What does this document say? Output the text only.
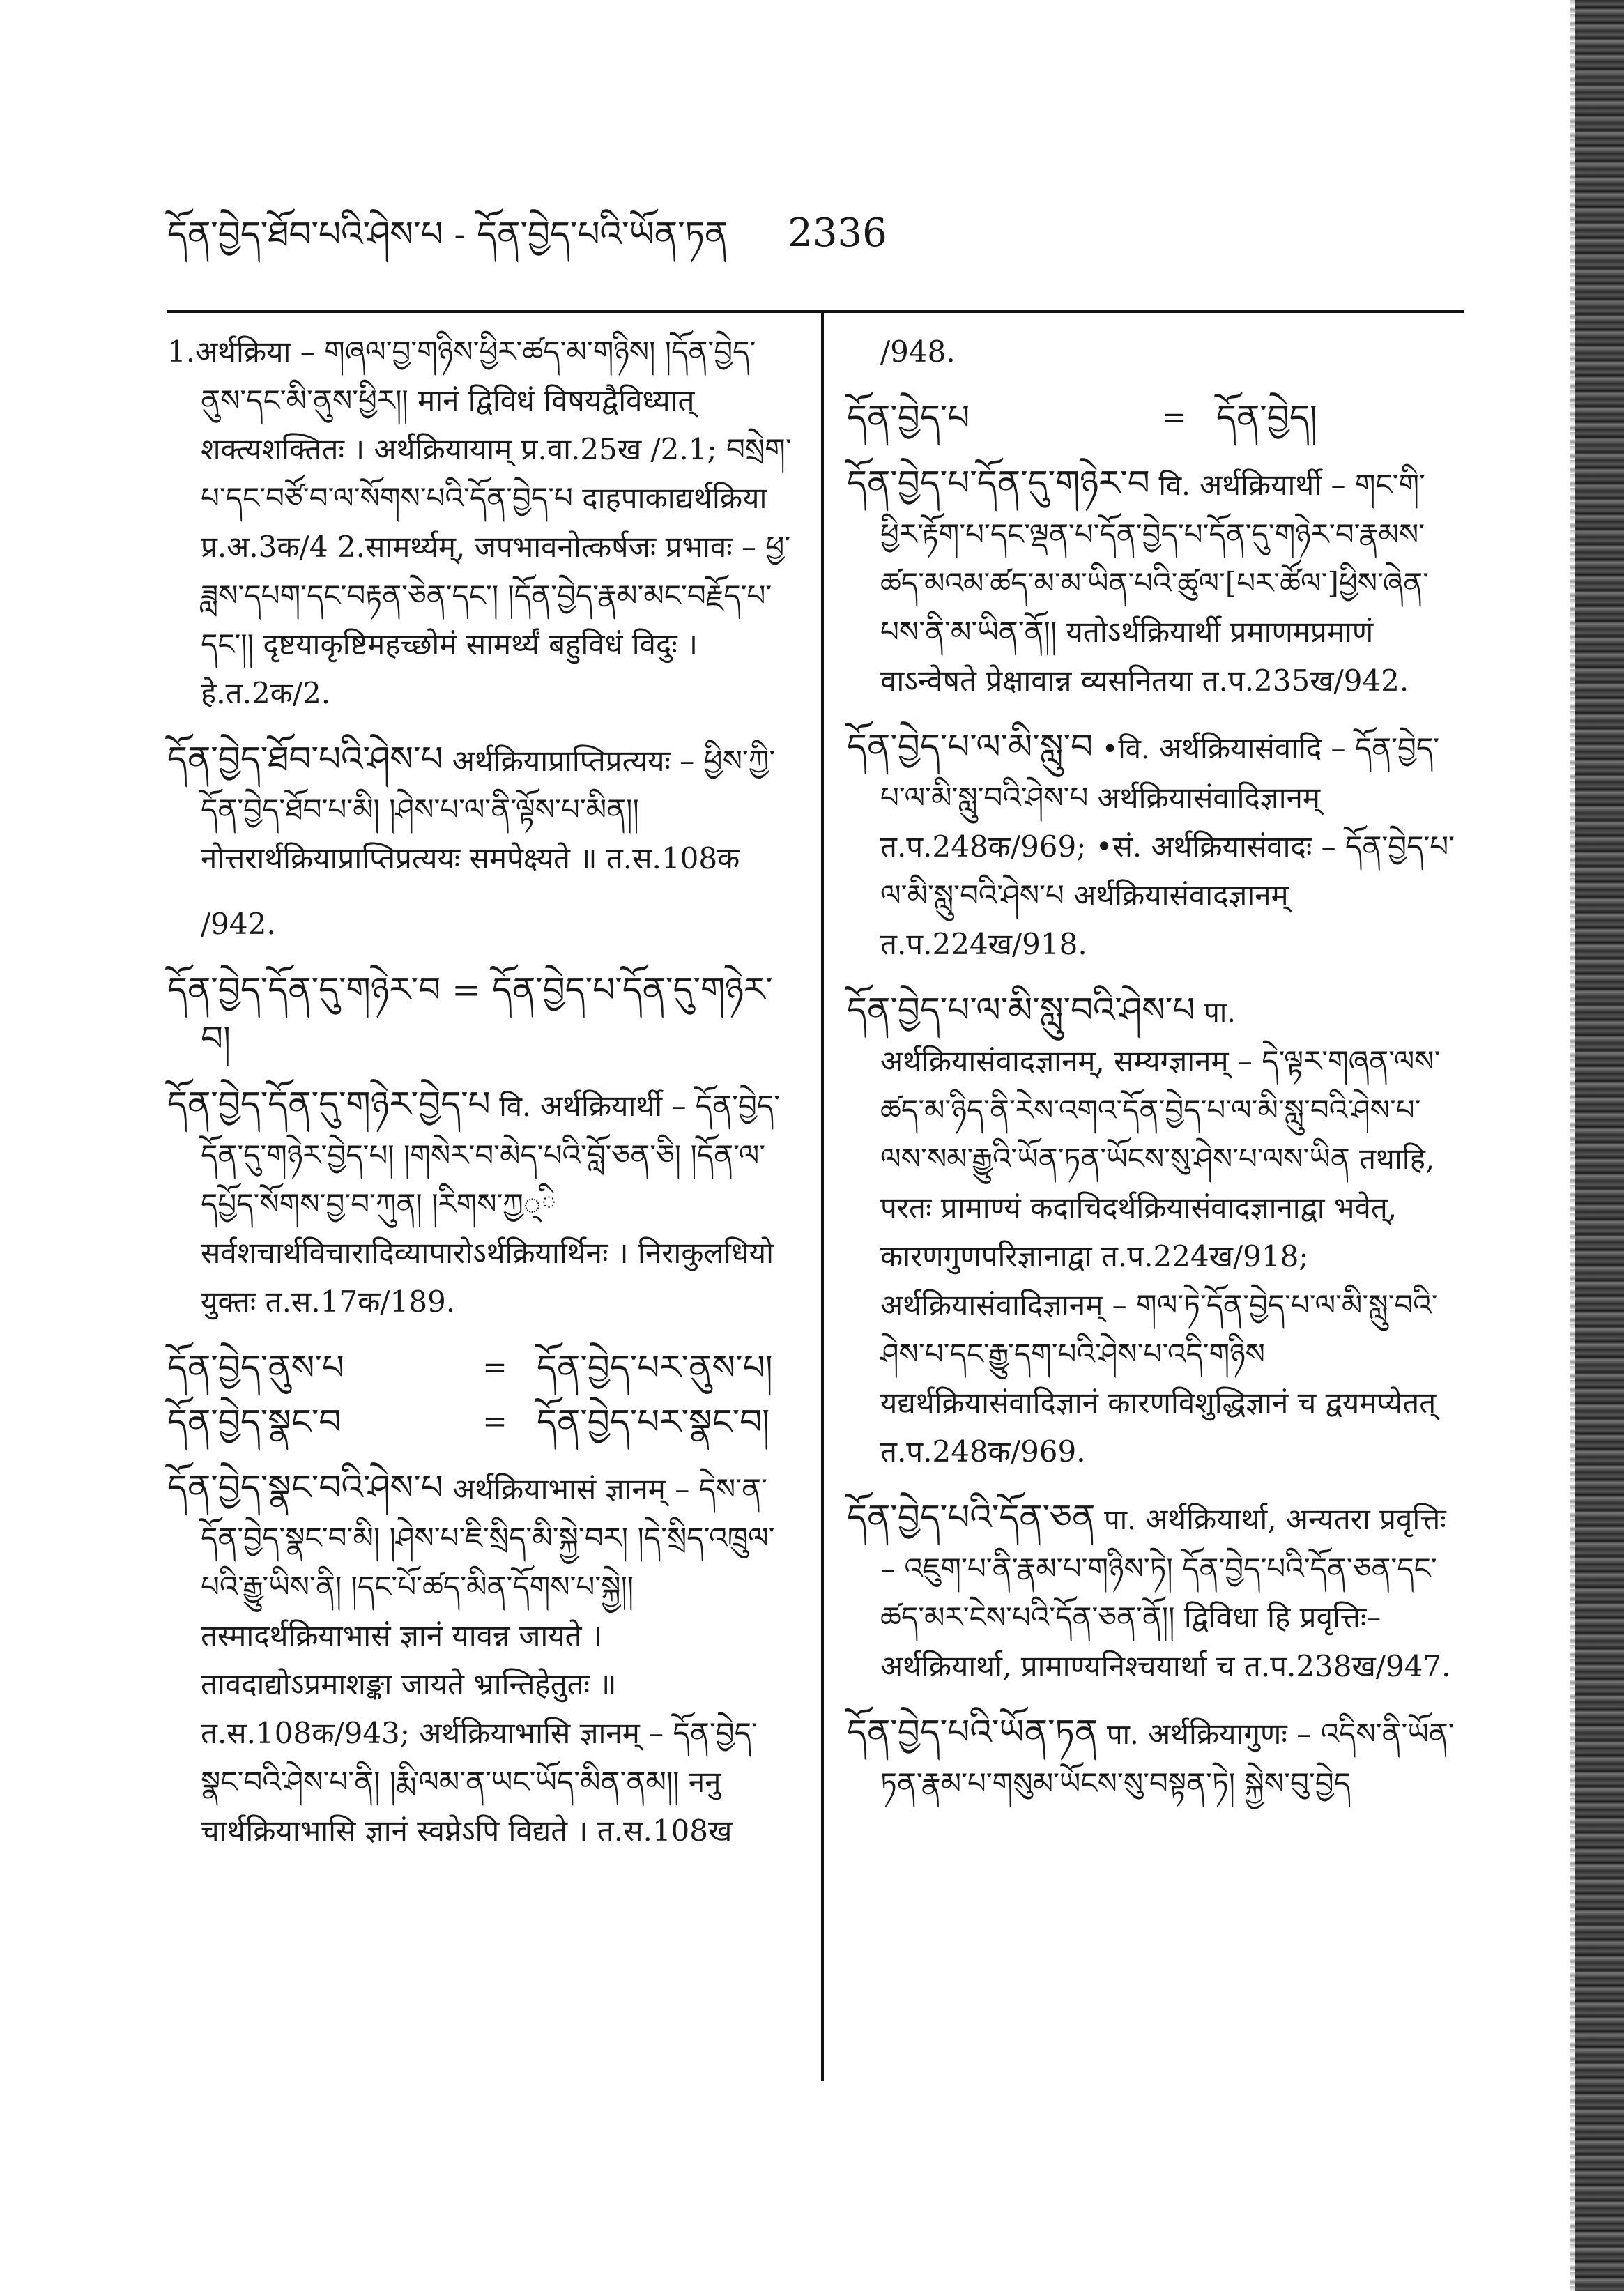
དོན་བྱེད་ཐོབ་པའི་ཤེས་པ - དོན་བྱེད་པའི་ཡོན་ཏན 2336

1.अर्थक्रिया – གཞལ་བྱ་གཉིས་ཕྱིར་ཚད་མ་གཉིས། །དོན་བྱེད་ནུས་དང་མི་ནུས་ཕྱིར།། मानं द्विविधं विषयद्वैविध्यात् शक्त्यशक्तितः । अर्थक्रियायाम् प्र.वा.25ख /2.1; བསྲེག་པ་དང་བཙོ་བ་ལ་སོགས་པའི་དོན་བྱེད་པ दाहपाकाद्यर्थक्रिया प्र.अ.3क/4 2.सामर्थ्यम्, जपभावनोत्कर्षजः प्रभावः – ཕྱ་ཟླས་དཔག་དང་བརྟན་ཅེན་དང་། །དོན་བྱེད་རྣམ་མང་བརྗོད་པ་དང་།། दृष्टयाकृष्टिमहच्छोमं सामर्थ्यं बहुविधं विदुः । हे.त.2क/2.

དོན་བྱེད་ཐོབ་པའི་ཤེས་པ अर्थक्रियाप्राप्तिप्रत्ययः – ཕྱིས་ཀྱི་དོན་བྱེད་ཐོབ་པ་མི། །ཤེས་པ་ལ་ནི་ལྟོས་པ་མིན།། नोत्तरार्थक्रियाप्राप्तिप्रत्ययः समपेक्ष्यते ॥ त.स.108क

/942.

དོན་བྱེད་དོན་དུ་གཉེར་བ = དོན་བྱེད་པ་དོན་དུ་གཉེར་བ།

དོན་བྱེད་དོན་དུ་གཉེར་བྱེད་པ वि. अर्थक्रियार्थी – དོན་བྱེད་དོན་དུ་གཉེར་བྱེད་པ། །གསེར་བ་མེད་པའི་བློ་ཅན་ཅི། །དོན་ལ་དཔྱོད་སོགས་བྱ་བ་ཀུན། །རིགས་ཀྱ्ི सर्वशचार्थविचारादिव्यापारोऽर्थक्रियार्थिनः । निराकुलधियो युक्तः त.स.17क/189.

དོན་བྱེད་ནུས་པ	= དོན་བྱེད་པར་ནུས་པ།
དོན་བྱེད་སྣང་བ	= དོན་བྱེད་པར་སྣང་བ།

དོན་བྱེད་སྣང་བའི་ཤེས་པ अर्थक्रियाभासं ज्ञानम् – དེས་ན་དོན་བྱེད་སྣང་བ་མི། །ཤེས་པ་ཇི་སྲིད་མི་སྐྱེ་བར། །དེ་སྲིད་འཁྲུལ་པའི་རྒྱུ་ཡིས་ནི། །དང་པོ་ཚད་མིན་དོགས་པ་སྐྱེ།། तस्मादर्थक्रियाभासं ज्ञानं यावन्न जायते । तावदाद्योऽप्रमाशङ्का जायते भ्रान्तिहेतुतः ॥ त.स.108क/943; अर्थक्रियाभासि ज्ञानम् – དོན་བྱེད་སྣང་བའི་ཤེས་པ་ནི། །རྨི་ལམ་ན་ཡང་ཡོད་མིན་ནམ།། ननु चार्थक्रियाभासि ज्ञानं स्वप्नेऽपि विद्यते । त.स.108ख

/948.

དོན་བྱེད་པ	= དོན་བྱེད།

དོན་བྱེད་པ་དོན་དུ་གཉེར་བ वि. अर्थक्रियार्थी – གང་གི་ཕྱིར་རྟོག་པ་དང་ལྡན་པ་དོན་བྱེད་པ་དོན་དུ་གཉེར་བ་རྣམས་ཚད་མའམ་ཚད་མ་མ་ཡིན་པའི་ཚུལ་[པར་ཚོལ་]ཕྱིས་ཞེན་པས་ནི་མ་ཡིན་ནོ།། यतोऽर्थक्रियार्थी प्रमाणमप्रमाणं वाऽन्वेषते प्रेक्षावान्न व्यसनितया त.प.235ख/942.

དོན་བྱེད་པ་ལ་མི་སླུ་བ •वि. अर्थक्रियासंवादि – དོན་བྱེད་པ་ལ་མི་སླུ་བའི་ཤེས་པ अर्थक्रियासंवादिज्ञानम् त.प.248क/969; •सं. अर्थक्रियासंवादः – དོན་བྱེད་པ་ལ་མི་སླུ་བའི་ཤེས་པ अर्थक्रियासंवादज्ञानम् त.प.224ख/918.

དོན་བྱེད་པ་ལ་མི་སླུ་བའི་ཤེས་པ पा. अर्थक्रियासंवादज्ञानम्, सम्यग्ज्ञानम् – དེ་ལྟར་གཞན་ལས་ཚད་མ་ཉིད་ནི་རེས་འགའ་དོན་བྱེད་པ་ལ་མི་སླུ་བའི་ཤེས་པ་ལས་སམ་རྒྱུའི་ཡོན་ཏན་ཡོངས་སུ་ཤེས་པ་ལས་ཡིན तथाहि, परतः प्रामाण्यं कदाचिदर्थक्रियासंवादज्ञानाद्वा भवेत्, कारणगुणपरिज्ञानाद्वा त.प.224ख/918; अर्थक्रियासंवादिज्ञानम् – གལ་ཏེ་དོན་བྱེད་པ་ལ་མི་སླུ་བའི་ཤེས་པ་དང་རྒྱུ་དག་པའི་ཤེས་པ་འདི་གཉིས यद्यर्थक्रियासंवादिज्ञानं कारणविशुद्धिज्ञानं च द्वयमप्येतत् त.प.248क/969.

དོན་བྱེད་པའི་དོན་ཅན पा. अर्थक्रियार्था, अन्यतरा प्रवृत्तिः – འཇུག་པ་ནི་རྣམ་པ་གཉིས་ཏེ། དོན་བྱེད་པའི་དོན་ཅན་དང་ཚད་མར་ངེས་པའི་དོན་ཅན་ནོ།། द्विविधा हि प्रवृत्तिः–अर्थक्रियार्था, प्रामाण्यनिश्चयार्था च त.प.238ख/947.

དོན་བྱེད་པའི་ཡོན་ཏན पा. अर्थक्रियागुणः – འདིས་ནི་ཡོན་ཏན་རྣམ་པ་གསུམ་ཡོངས་སུ་བསྟན་ཏེ། སྐྱེས་བུ་བྱེད
